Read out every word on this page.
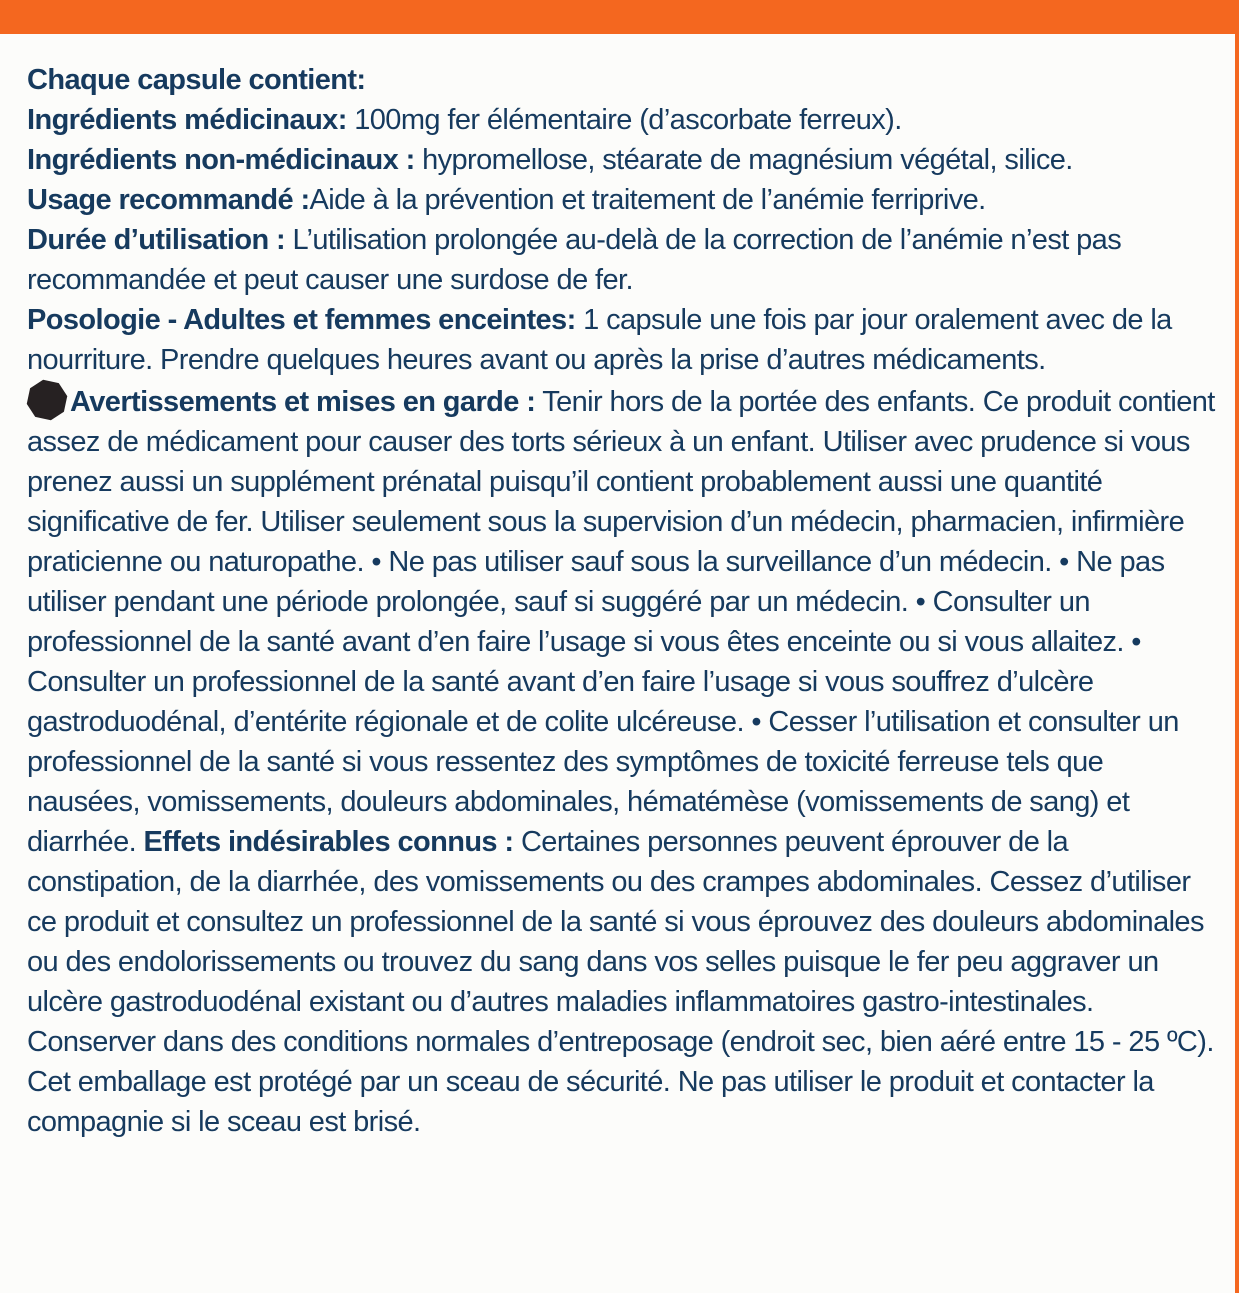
Chaque capsule contient:

Ingrédients médicinaux: 100mg fer élémentaire (d’ascorbate ferreux).

Ingrédients non-médicinaux : hypromellose, stéarate de magnésium végétal, silice.

Usage recommandé :Aide à la prévention et traitement de l’anémie ferriprive.

Durée d’utilisation : L’utilisation prolongée au-delà de la correction de l’anémie n’est pas recommandée et peut causer une surdose de fer.

Posologie - Adultes et femmes enceintes: 1 capsule une fois par jour oralement avec de la nourriture. Prendre quelques heures avant ou après la prise d’autres médicaments.

Avertissements et mises en garde : Tenir hors de la portée des enfants. Ce produit contient assez de médicament pour causer des torts sérieux à un enfant. Utiliser avec prudence si vous prenez aussi un supplément prénatal puisqu’il contient probablement aussi une quantité significative de fer. Utiliser seulement sous la supervision d’un médecin, pharmacien, infirmière praticienne ou naturopathe. • Ne pas utiliser sauf sous la surveillance d’un médecin. • Ne pas utiliser pendant une période prolongée, sauf si suggéré par un médecin. • Consulter un professionnel de la santé avant d’en faire l’usage si vous êtes enceinte ou si vous allaitez. • Consulter un professionnel de la santé avant d’en faire l’usage si vous souffrez d’ulcère gastroduodénal, d’entérite régionale et de colite ulcéreuse. • Cesser l’utilisation et consulter un professionnel de la santé si vous ressentez des symptômes de toxicité ferreuse tels que nausées, vomissements, douleurs abdominales, hématémèse (vomissements de sang) et diarrhée. Effets indésirables connus : Certaines personnes peuvent éprouver de la constipation, de la diarrhée, des vomissements ou des crampes abdominales. Cessez d’utiliser ce produit et consultez un professionnel de la santé si vous éprouvez des douleurs abdominales ou des endolorissements ou trouvez du sang dans vos selles puisque le fer peu aggraver un ulcère gastroduodénal existant ou d’autres maladies inflammatoires gastro-intestinales. Conserver dans des conditions normales d’entreposage (endroit sec, bien aéré entre 15 - 25 ºC). Cet emballage est protégé par un sceau de sécurité. Ne pas utiliser le produit et contacter la compagnie si le sceau est brisé.
